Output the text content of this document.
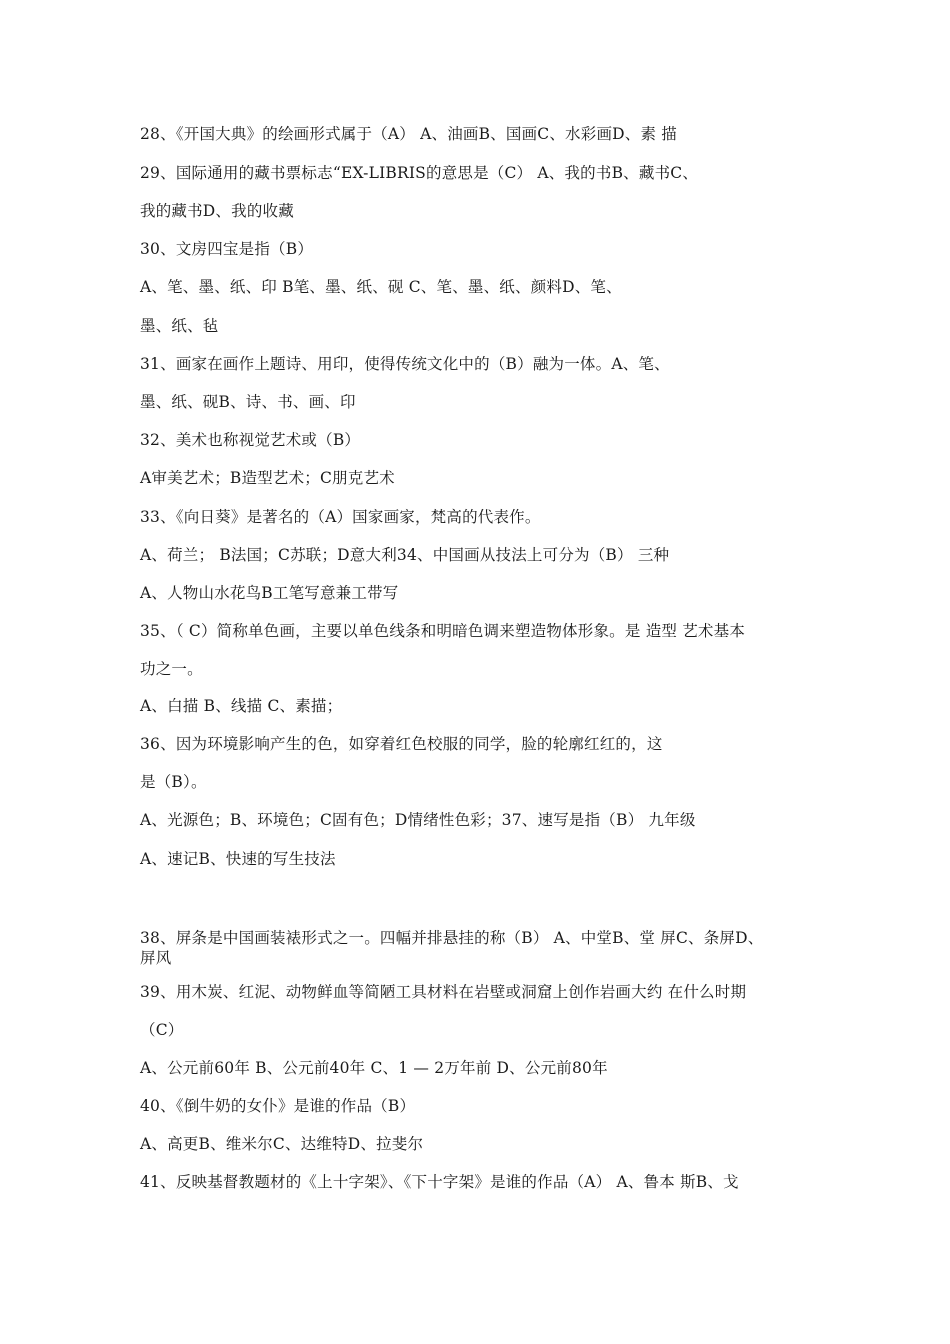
28、《开国大典》的绘画形式属于（A） A、油画B、国画C、水彩画D、素 描
29、国际通用的藏书票标志“EX-LIBRIS的意思是（C） A、我的书B、藏书C、
我的藏书D、我的收藏
30、文房四宝是指（B）
A、笔、墨、纸、印 B笔、墨、纸、砚 C、笔、墨、纸、颜料D、笔、
墨、纸、毡
31、画家在画作上题诗、用印，使得传统文化中的（B）融为一体。A、笔、
墨、纸、砚B、诗、书、画、印
32、美术也称视觉艺术或（B）
A审美艺术；B造型艺术；C朋克艺术
33、《向日葵》是著名的（A）国家画家，梵高的代表作。
A、荷兰； B法国；C苏联；D意大利34、中国画从技法上可分为（B） 三种
A、人物山水花鸟B工笔写意兼工带写
35、（ C）简称单色画，主要以单色线条和明暗色调来塑造物体形象。是 造型 艺术基本
功之一。
A、白描 B、线描 C、素描；
36、因为环境影响产生的色，如穿着红色校服的同学，脸的轮廓红红的，这
是（B）。
A、光源色；B、环境色；C固有色；D情绪性色彩；37、速写是指（B） 九年级
A、速记B、快速的写生技法
38、屏条是中国画装裱形式之一。四幅并排悬挂的称（B） A、中堂B、堂 屏C、条屏D、
屏风
39、用木炭、红泥、动物鲜血等简陋工具材料在岩壁或洞窟上创作岩画大约 在什么时期
（C）
A、公元前60年 B、公元前40年 C、1 — 2万年前 D、公元前80年
40、《倒牛奶的女仆》是谁的作品（B）
A、高更B、维米尔C、达维特D、拉斐尔
41、反映基督教题材的《上十字架》、《下十字架》是谁的作品（A） A、鲁本 斯B、戈
